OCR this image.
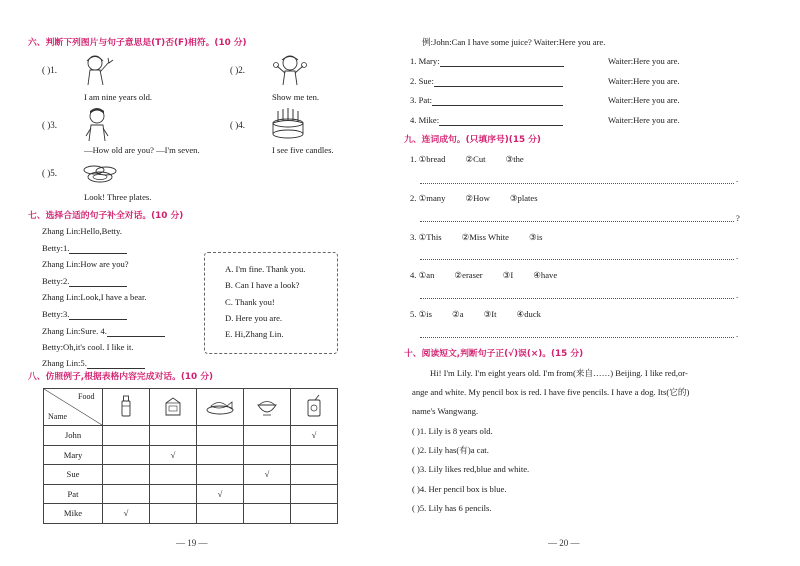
六、判断下列图片与句子意思是(T)否(F)相符。(10 分)
( )1.
I am nine years old.
( )2.
Show me ten.
( )3.
—How old are you? —I'm seven.
( )4.
I see five candles.
( )5.
Look! Three plates.
七、选择合适的句子补全对话。(10 分)
Zhang Lin:Hello,Betty.
Betty:1.
Zhang Lin:How are you?
Betty:2.
Zhang Lin:Look,I have a bear.
Betty:3.
Zhang Lin:Sure. 4.
Betty:Oh,it's cool. I like it.
Zhang Lin:5.
A. I'm fine. Thank you.
B. Can I have a look?
C. Thank you!
D. Here you are.
E. Hi,Zhang Lin.
八、仿照例子,根据表格内容完成对话。(10 分)
Food
Name

John					√
Mary		√			
Sue				√	
Pat			√		
Mike	√				
— 19 —
例:John:Can I have some juice? Waiter:Here you are.
1. Mary:	Waiter:Here you are.
2. Sue:	Waiter:Here you are.
3. Pat:	Waiter:Here you are.
4. Mike:	Waiter:Here you are.
九、连词成句。(只填序号)(15 分)
1. ①bread ②Cut ③the
.
2. ①many ②How ③plates
?
3. ①This ②Miss White ③is
.
4. ①an ②eraser ③I ④have
.
5. ①is ②a ③It ④duck
.
十、阅读短文,判断句子正(√)误(×)。(15 分)
Hi! I'm Lily. I'm eight years old. I'm from(来自……) Beijing. I like red,or-
ange and white. My pencil box is red. I have five pencils. I have a dog. Its(它的)
name's Wangwang.
( )1. Lily is 8 years old.
( )2. Lily has(有)a cat.
( )3. Lily likes red,blue and white.
( )4. Her pencil box is blue.
( )5. Lily has 6 pencils.
— 20 —
